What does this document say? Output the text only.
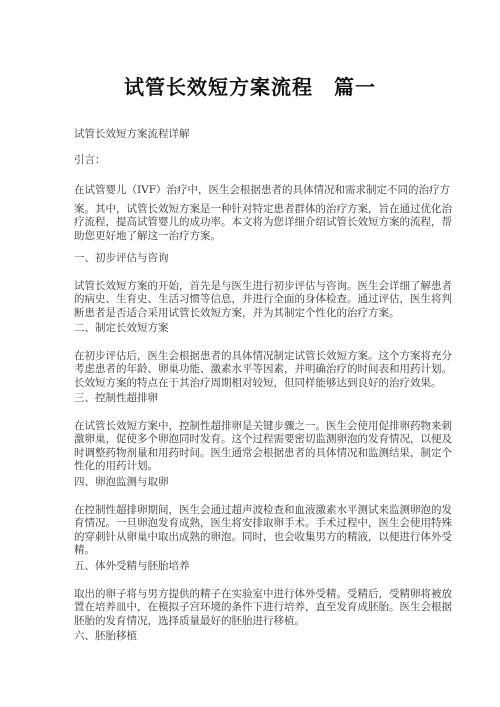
试管长效短方案流程　篇一

试管长效短方案流程详解

引言：

在试管婴儿（IVF）治疗中，医生会根据患者的具体情况和需求制定不同的治疗方

案。其中，试管长效短方案是一种针对特定患者群体的治疗方案，旨在通过优化治

疗流程，提高试管婴儿的成功率。本文将为您详细介绍试管长效短方案的流程，帮

助您更好地了解这一治疗方案。

一、初步评估与咨询

试管长效短方案的开始，首先是与医生进行初步评估与咨询。医生会详细了解患者

的病史、生育史、生活习惯等信息，并进行全面的身体检查。通过评估，医生将判

断患者是否适合采用试管长效短方案，并为其制定个性化的治疗方案。

二、制定长效短方案

在初步评估后，医生会根据患者的具体情况制定试管长效短方案。这个方案将充分

考虑患者的年龄、卵巢功能、激素水平等因素，并明确治疗的时间表和用药计划。

长效短方案的特点在于其治疗周期相对较短，但同样能够达到良好的治疗效果。

三、控制性超排卵

在试管长效短方案中，控制性超排卵是关键步骤之一。医生会使用促排卵药物来刺

激卵巢，促使多个卵泡同时发育。这个过程需要密切监测卵泡的发育情况，以便及

时调整药物剂量和用药时间。医生通常会根据患者的具体情况和监测结果，制定个

性化的用药计划。

四、卵泡监测与取卵

在控制性超排卵期间，医生会通过超声波检查和血液激素水平测试来监测卵泡的发

育情况。一旦卵泡发育成熟，医生将安排取卵手术。手术过程中，医生会使用特殊

的穿刺针从卵巢中取出成熟的卵泡。同时，也会收集男方的精液，以便进行体外受

精。

五、体外受精与胚胎培养

取出的卵子将与男方提供的精子在实验室中进行体外受精。受精后，受精卵将被放

置在培养皿中，在模拟子宫环境的条件下进行培养，直至发育成胚胎。医生会根据

胚胎的发育情况，选择质量最好的胚胎进行移植。

六、胚胎移植
